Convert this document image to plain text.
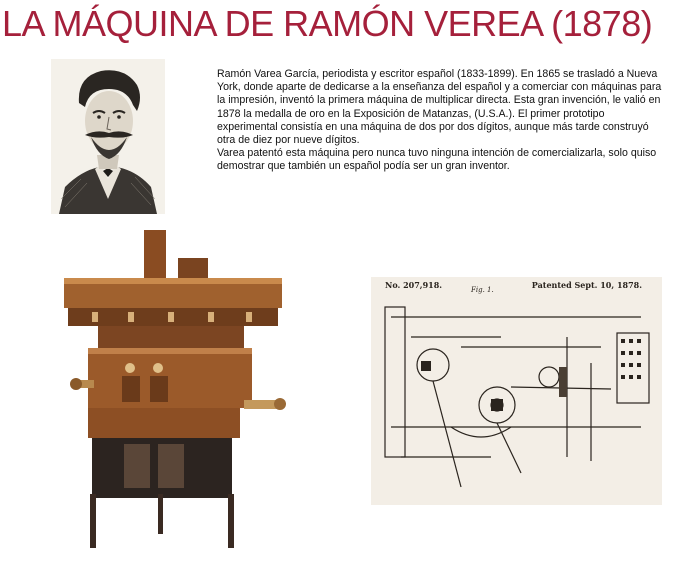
LA MÁQUINA DE RAMÓN VEREA (1878)

Ramón Varea García, periodista y escritor español (1833-1899). En 1865 se trasladó a Nueva York, donde aparte de dedicarse a la enseñanza del español y a comerciar con máquinas para la impresión, inventó la primera máquina de multiplicar directa. Esta gran invención, le valió en 1878 la medalla de oro en la Exposición de Matanzas, (U.S.A.). El primer prototipo experimental consistía en una máquina de dos por dos dígitos, aunque más tarde construyó otra de diez por nueve dígitos.

Varea patentó esta máquina pero nunca tuvo ninguna intención de comercializarla, solo quiso demostrar que también un español podía ser un gran inventor.

No. 207,918.	Fig. 1.	Patented Sept. 10, 1878.
